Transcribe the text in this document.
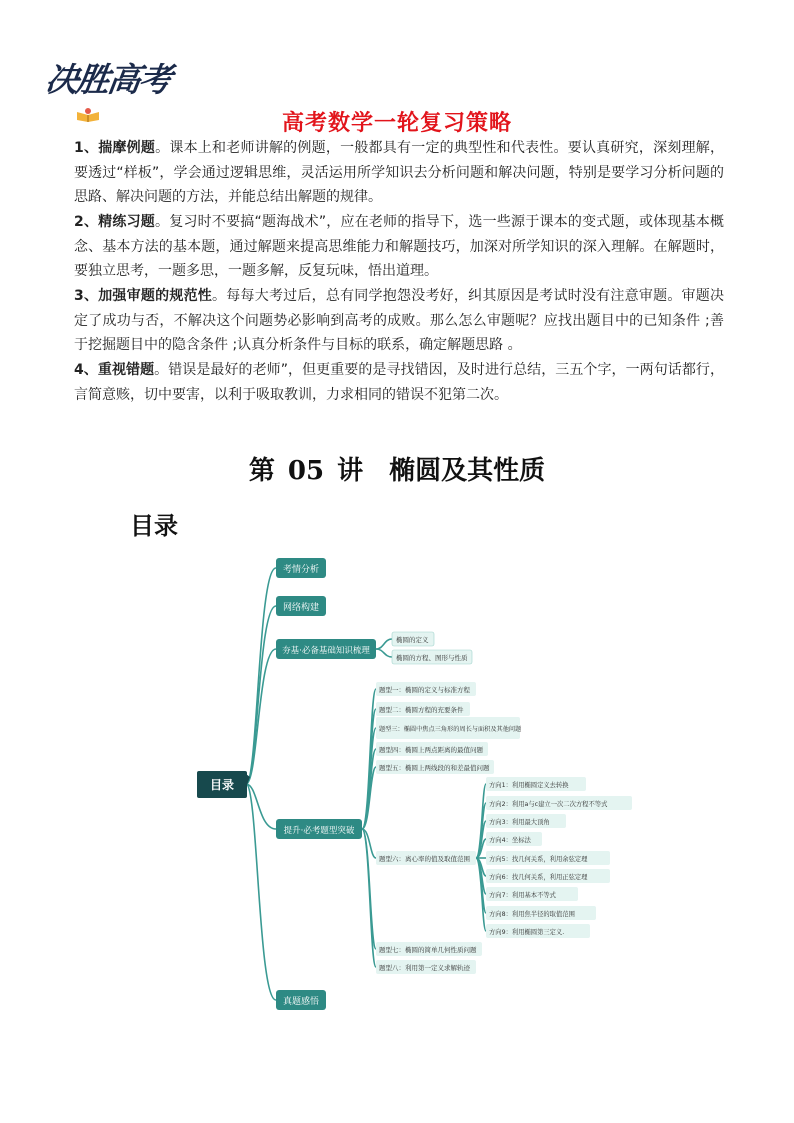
决胜高考
高考数学一轮复习策略

1、揣摩例题。课本上和老师讲解的例题，一般都具有一定的典型性和代表性。要认真研究，深刻理解，要透过“样板”，学会通过逻辑思维，灵活运用所学知识去分析问题和解决问题，特别是要学习分析问题的思路、解决问题的方法，并能总结出解题的规律。

2、精练习题。复习时不要搞“题海战术”，应在老师的指导下，选一些源于课本的变式题，或体现基本概念、基本方法的基本题，通过解题来提高思维能力和解题技巧，加深对所学知识的深入理解。在解题时，要独立思考，一题多思，一题多解，反复玩味，悟出道理。

3、加强审题的规范性。每每大考过后，总有同学抱怨没考好，纠其原因是考试时没有注意审题。审题决定了成功与否，不解决这个问题势必影响到高考的成败。那么怎么审题呢？应找出题目中的已知条件 ;善于挖掘题目中的隐含条件 ;认真分析条件与目标的联系，确定解题思路 。

4、重视错题。错误是最好的老师”，但更重要的是寻找错因，及时进行总结，三五个字，一两句话都行，言简意赅，切中要害，以利于吸取教训，力求相同的错误不犯第二次。

第 05 讲　椭圆及其性质
目录
目录
考情分析
网络构建
夯基·必备基础知识梳理
提升·必考题型突破
真题感悟
椭圆的定义
椭圆的方程、图形与性质
题型一：椭圆的定义与标准方程
题型二：椭圆方程的充要条件
题型三：椭圆中焦点三角形的周长与面积及其他问题
题型四：椭圆上两点距离的最值问题
题型五：椭圆上两线段的和差最值问题
题型六：离心率的值及取值范围
题型七：椭圆的简单几何性质问题
题型八：利用第一定义求解轨迹
方向1：利用椭圆定义去转换
方向2：利用a与c建立一次二次方程不等式
方向3：利用最大顶角
方向4：坐标法
方向5：找几何关系，利用余弦定理
方向6：找几何关系，利用正弦定理
方向7：利用基本不等式
方向8：利用焦半径的取值范围
方向9：利用椭圆第三定义.
